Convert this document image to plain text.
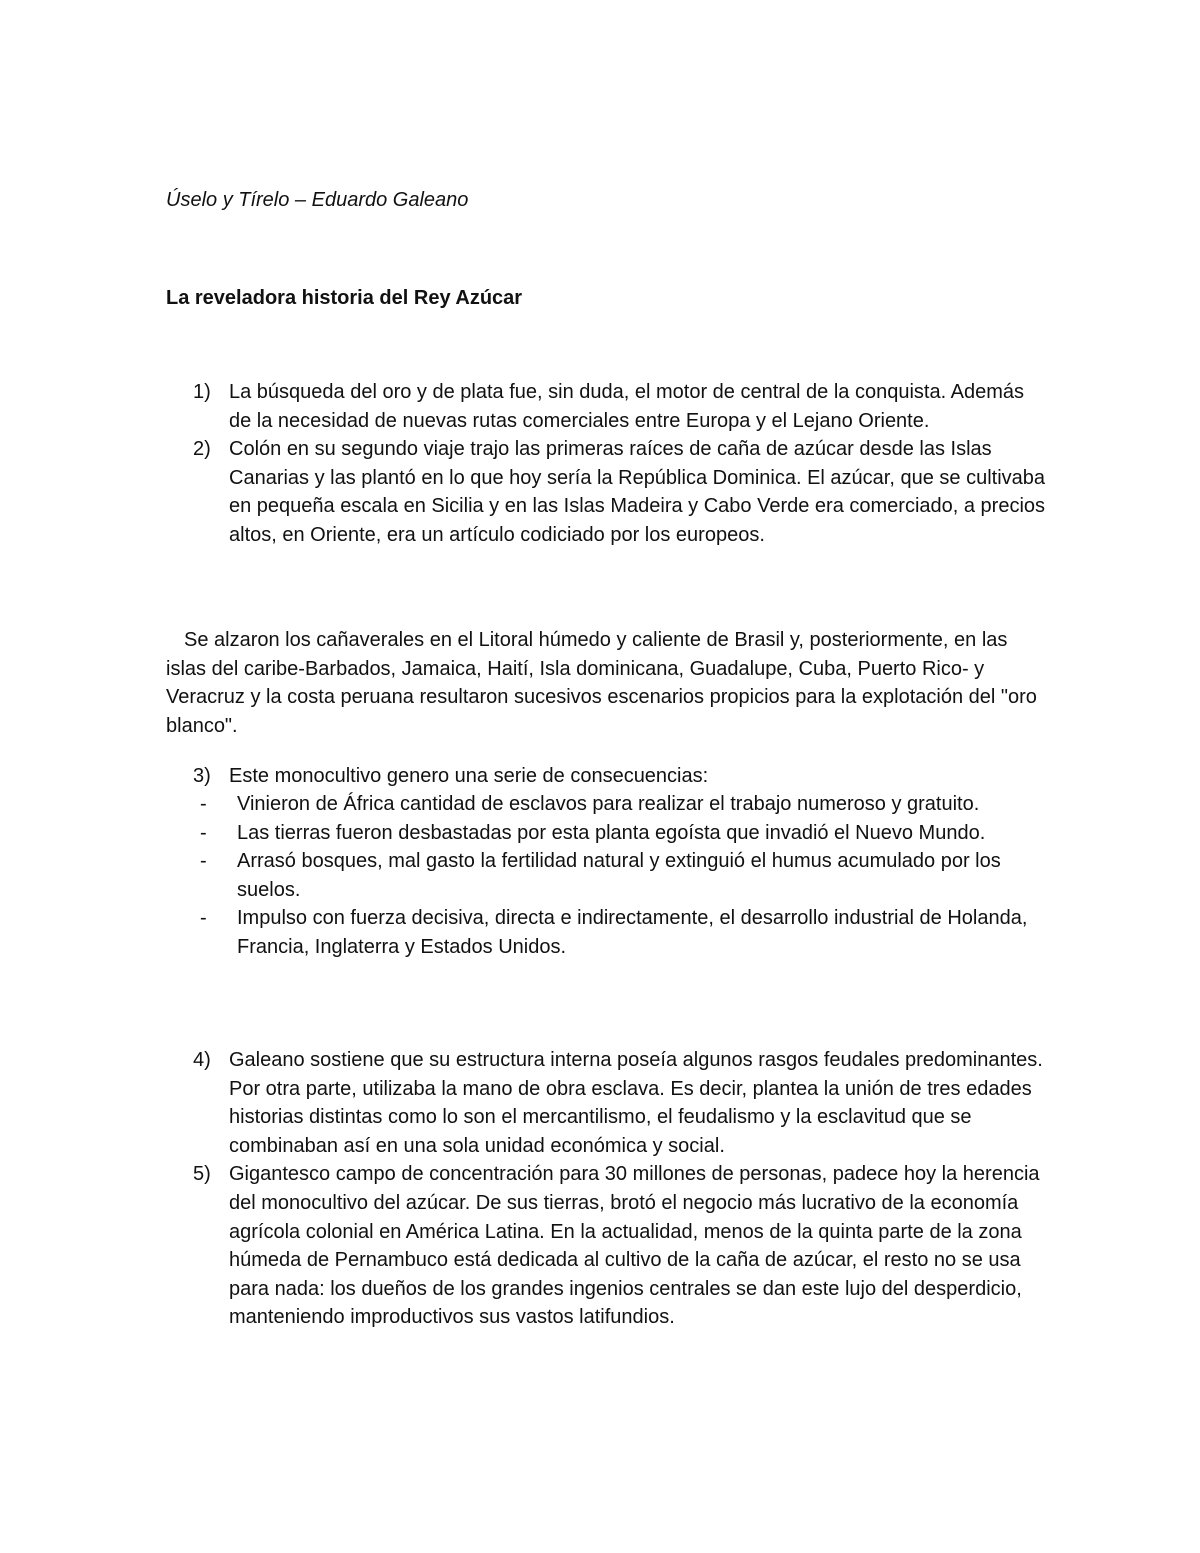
Úselo y Tírelo – Eduardo Galeano
La reveladora historia del Rey Azúcar
1) La búsqueda del oro y de plata fue, sin duda, el motor de central de la conquista. Además de la necesidad de nuevas rutas comerciales entre Europa y el Lejano Oriente.
2) Colón en su segundo viaje trajo las primeras raíces de caña de azúcar desde las Islas Canarias y las plantó en lo que hoy sería la República Dominica. El azúcar, que se cultivaba en pequeña escala en Sicilia y en las Islas Madeira y Cabo Verde era comerciado, a precios altos, en Oriente, era un artículo codiciado por los europeos.

Se alzaron los cañaverales en el Litoral húmedo y caliente de Brasil y, posteriormente, en las islas del caribe-Barbados, Jamaica, Haití, Isla dominicana, Guadalupe, Cuba, Puerto Rico- y Veracruz y la costa peruana resultaron sucesivos escenarios propicios para la explotación del "oro blanco".

3) Este monocultivo genero una serie de consecuencias:
- Vinieron de África cantidad de esclavos para realizar el trabajo numeroso y gratuito.
- Las tierras fueron desbastadas por esta planta egoísta que invadió el Nuevo Mundo.
- Arrasó bosques, mal gasto la fertilidad natural y extinguió el humus acumulado por los suelos.
- Impulso con fuerza decisiva, directa e indirectamente, el desarrollo industrial de Holanda, Francia, Inglaterra y Estados Unidos.
4) Galeano sostiene que su estructura interna poseía algunos rasgos feudales predominantes. Por otra parte, utilizaba la mano de obra esclava. Es decir, plantea la unión de tres edades historias distintas como lo son el mercantilismo, el feudalismo y la esclavitud que se combinaban así en una sola unidad económica y social.
5) Gigantesco campo de concentración para 30 millones de personas, padece hoy la herencia del monocultivo del azúcar. De sus tierras, brotó el negocio más lucrativo de la economía agrícola colonial en América Latina. En la actualidad, menos de la quinta parte de la zona húmeda de Pernambuco está dedicada al cultivo de la caña de azúcar, el resto no se usa para nada: los dueños de los grandes ingenios centrales se dan este lujo del desperdicio, manteniendo improductivos sus vastos latifundios.
